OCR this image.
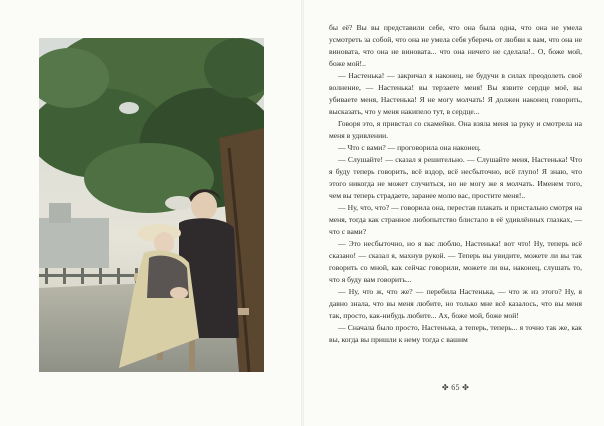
бы её? Вы вы представили себе, что она была одна, что она не умела усмотреть за собой, что она не умела себя уберечь от любви к вам, что она не виновата, что она не виновата... что она ничего не сделала!.. О, боже мой, боже мой!..

— Настенька! — закричал я наконец, не будучи в силах преодолеть своё волнение, — Настенька! вы терзаете меня! Вы язвите сердце моё, вы убиваете меня, Настенька! Я не могу молчать! Я должен наконец говорить, высказать, что у меня накипело тут, в сердце...

Говоря это, я привстал со скамейки. Она взяла меня за руку и смотрела на меня в удивлении.

— Что с вами? — проговорила она наконец.

— Слушайте! — сказал я решительно. — Слушайте меня, Настенька! Что я буду теперь говорить, всё вздор, всё несбыточно, всё глупо! Я знаю, что этого никогда не может случиться, но не могу же я молчать. Именем того, чем вы теперь страдаете, заранее молю вас, простите меня!..

— Ну, что, что? — говорила она, перестав плакать и пристально смотря на меня, тогда как странное любопытство блистало в её удивлённых глазках, — что с вами?

— Это несбыточно, но я вас люблю, Настенька! вот что! Ну, теперь всё сказано! — сказал я, махнув рукой. — Теперь вы увидите, можете ли вы так говорить со мной, как сейчас говорили, можете ли вы, наконец, слушать то, что я буду вам говорить...

— Ну, что ж, что же? — перебила Настенька, — что ж из этого? Ну, я давно знала, что вы меня любите, но только мне всё казалось, что вы меня так, просто, как-нибудь любите... Ах, боже мой, боже мой!

— Сначала было просто, Настенька, а теперь, теперь... я точно так же, как вы, когда вы пришли к нему тогда с вашим

✤ 65 ✤
